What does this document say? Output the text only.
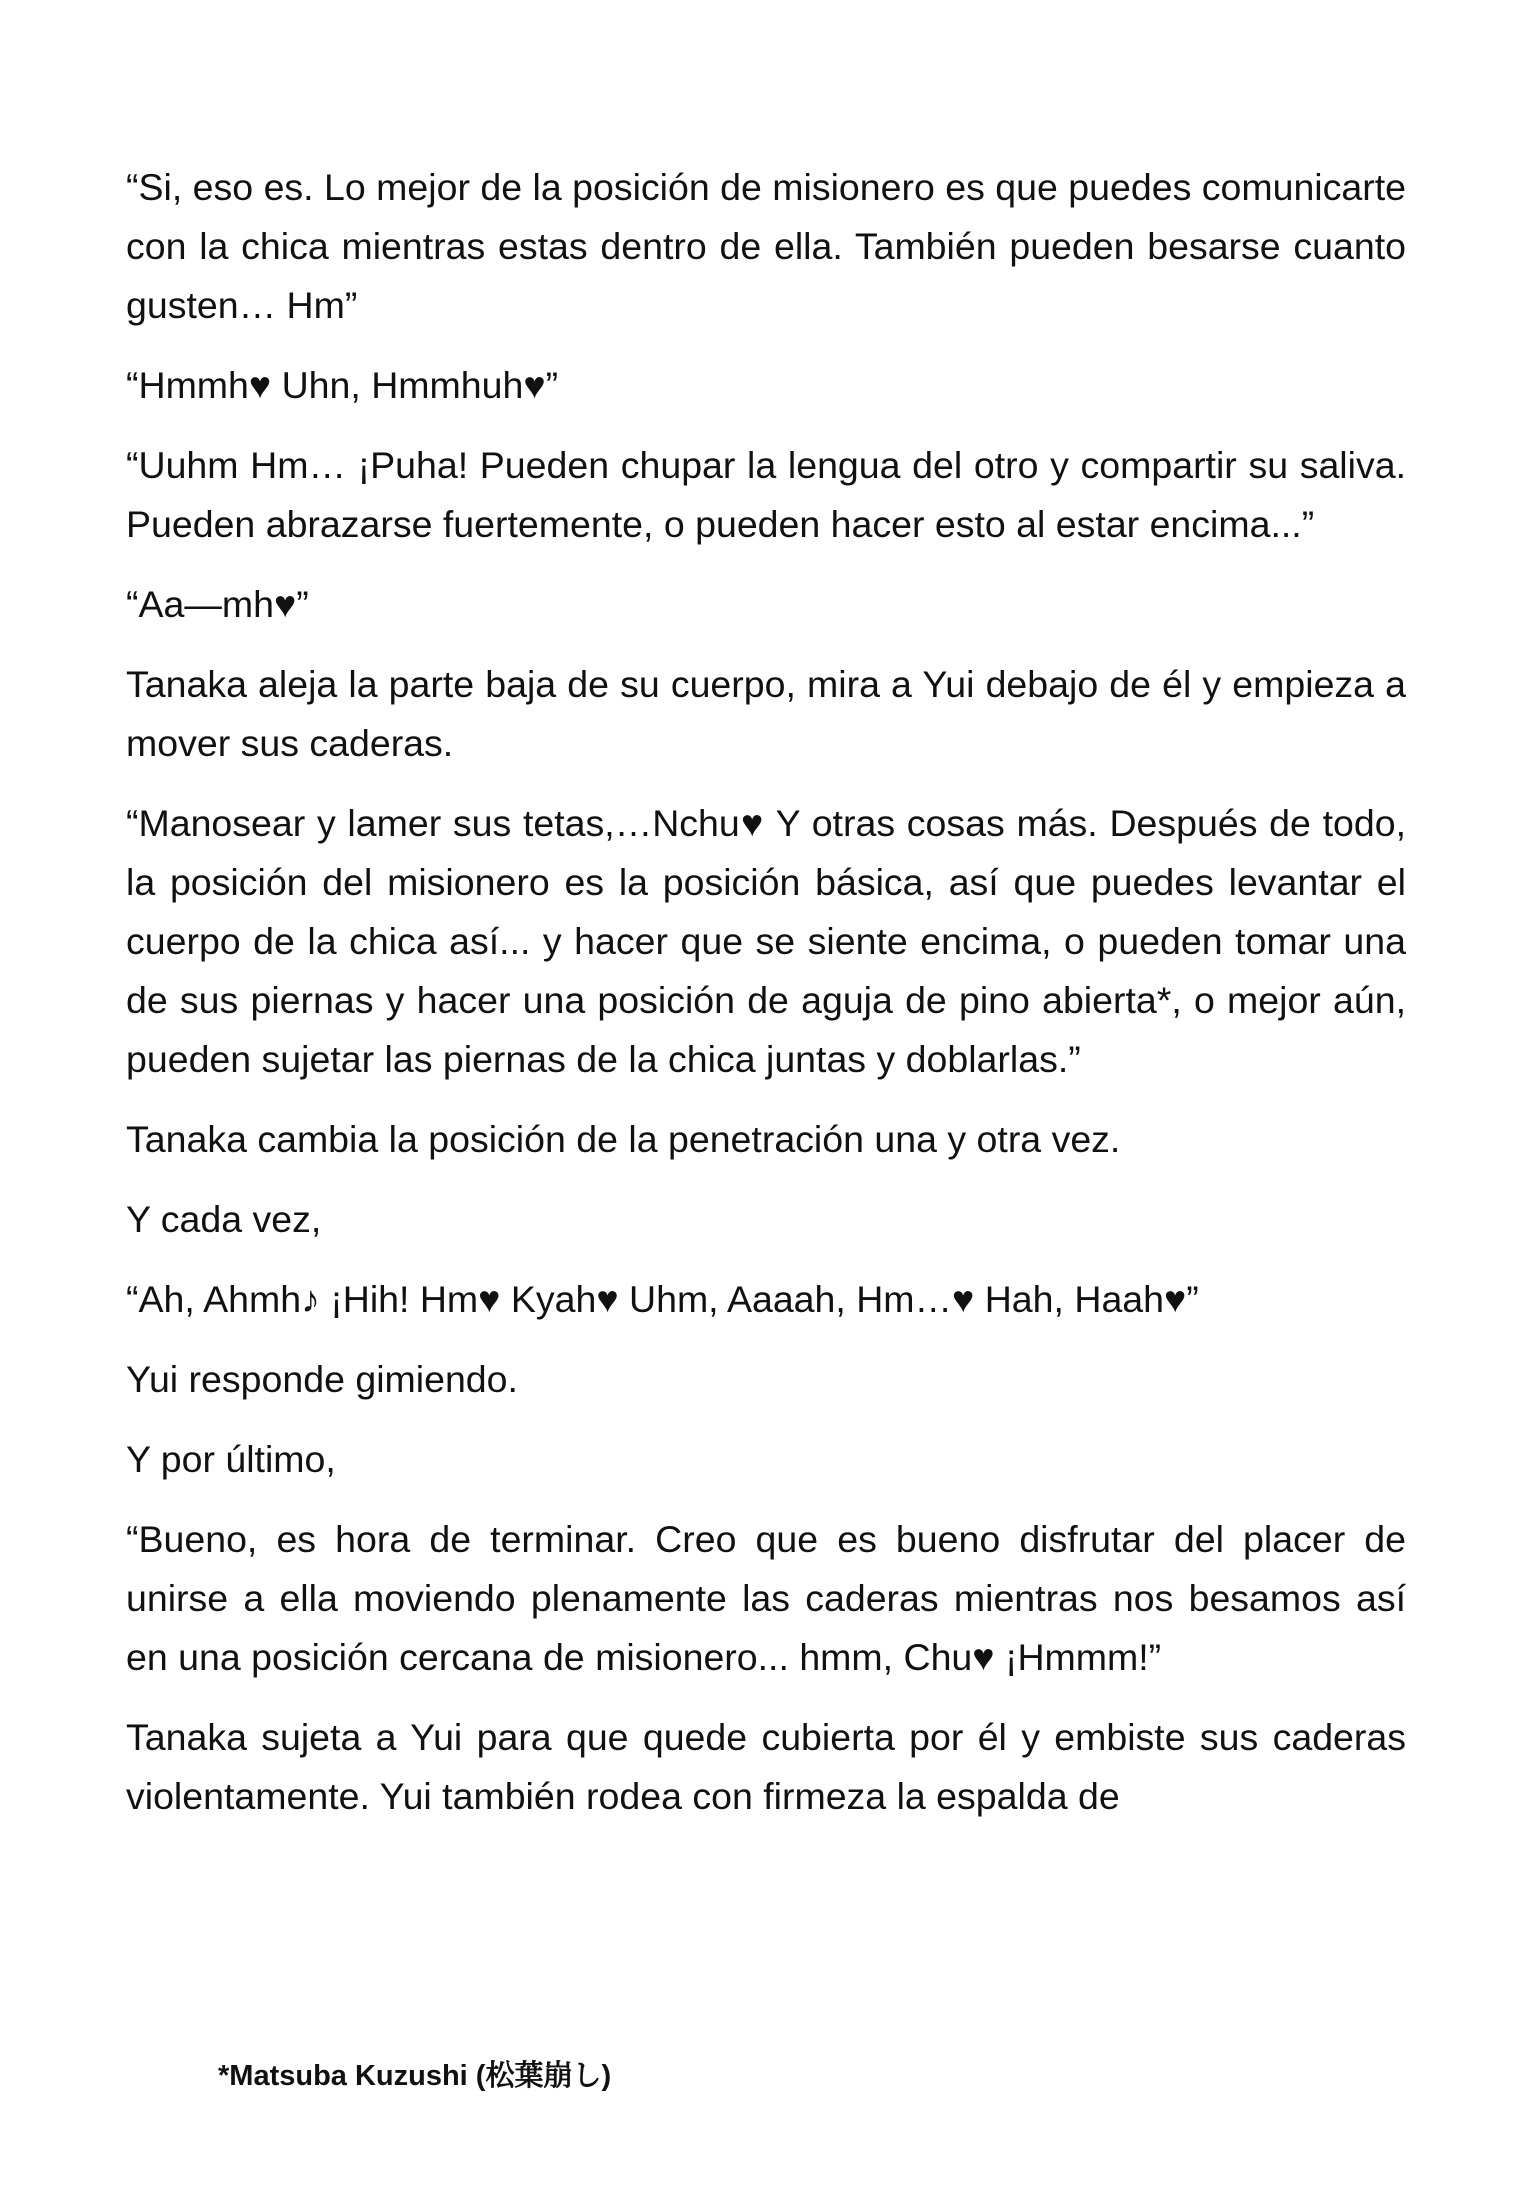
“Si, eso es. Lo mejor de la posición de misionero es que puedes comunicarte con la chica mientras estas dentro de ella. También pueden besarse cuanto gusten… Hm”

“Hmmh♥ Uhn, Hmmhuh♥”

“Uuhm Hm… ¡Puha! Pueden chupar la lengua del otro y compartir su saliva. Pueden abrazarse fuertemente, o pueden hacer esto al estar encima...”

“Aa—mh♥”

Tanaka aleja la parte baja de su cuerpo, mira a Yui debajo de él y empieza a mover sus caderas.

“Manosear y lamer sus tetas,…Nchu♥ Y otras cosas más. Después de todo, la posición del misionero es la posición básica, así que puedes levantar el cuerpo de la chica así... y hacer que se siente encima, o pueden tomar una de sus piernas y hacer una posición de aguja de pino abierta*, o mejor aún, pueden sujetar las piernas de la chica juntas y doblarlas.”

Tanaka cambia la posición de la penetración una y otra vez.

Y cada vez,

“Ah, Ahmh♪ ¡Hih! Hm♥ Kyah♥ Uhm, Aaaah, Hm…♥ Hah, Haah♥”

Yui responde gimiendo.

Y por último,

“Bueno, es hora de terminar. Creo que es bueno disfrutar del placer de unirse a ella moviendo plenamente las caderas mientras nos besamos así en una posición cercana de misionero... hmm, Chu♥ ¡Hmmm!”

Tanaka sujeta a Yui para que quede cubierta por él y embiste sus caderas violentamente. Yui también rodea con firmeza la espalda de

*Matsuba Kuzushi (松葉崩し)
